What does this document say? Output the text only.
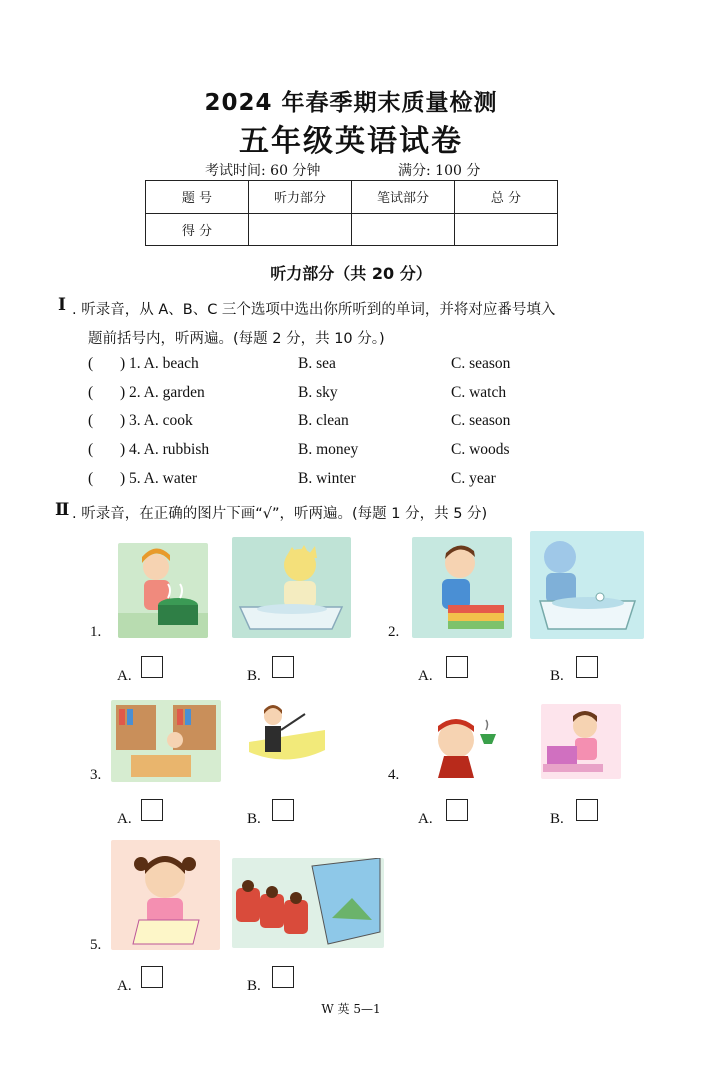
2024 年春季期末质量检测
五年级英语试卷
考试时间: 60 分钟	满分: 100 分
题 号	听力部分	笔试部分	总 分
得 分			
听力部分（共 20 分）
Ⅰ . 听录音，从 A、B、C 三个选项中选出你所听到的单词，并将对应番号填入
题前括号内，听两遍。(每题 2 分，共 10 分。)
( ) 1. A. beach	B. sea	C. season
( ) 2. A. garden	B. sky	C. watch
( ) 3. A. cook	B. clean	C. season
( ) 4. A. rubbish	B. money	C. woods
( ) 5. A. water	B. winter	C. year
Ⅱ . 听录音，在正确的图片下画“√”，听两遍。(每题 1 分，共 5 分)
1.
A.	B.
2.
A.	B.
3.
A.	B.
4.
A.	B.
5.
A.	B.
W 英 5—1
